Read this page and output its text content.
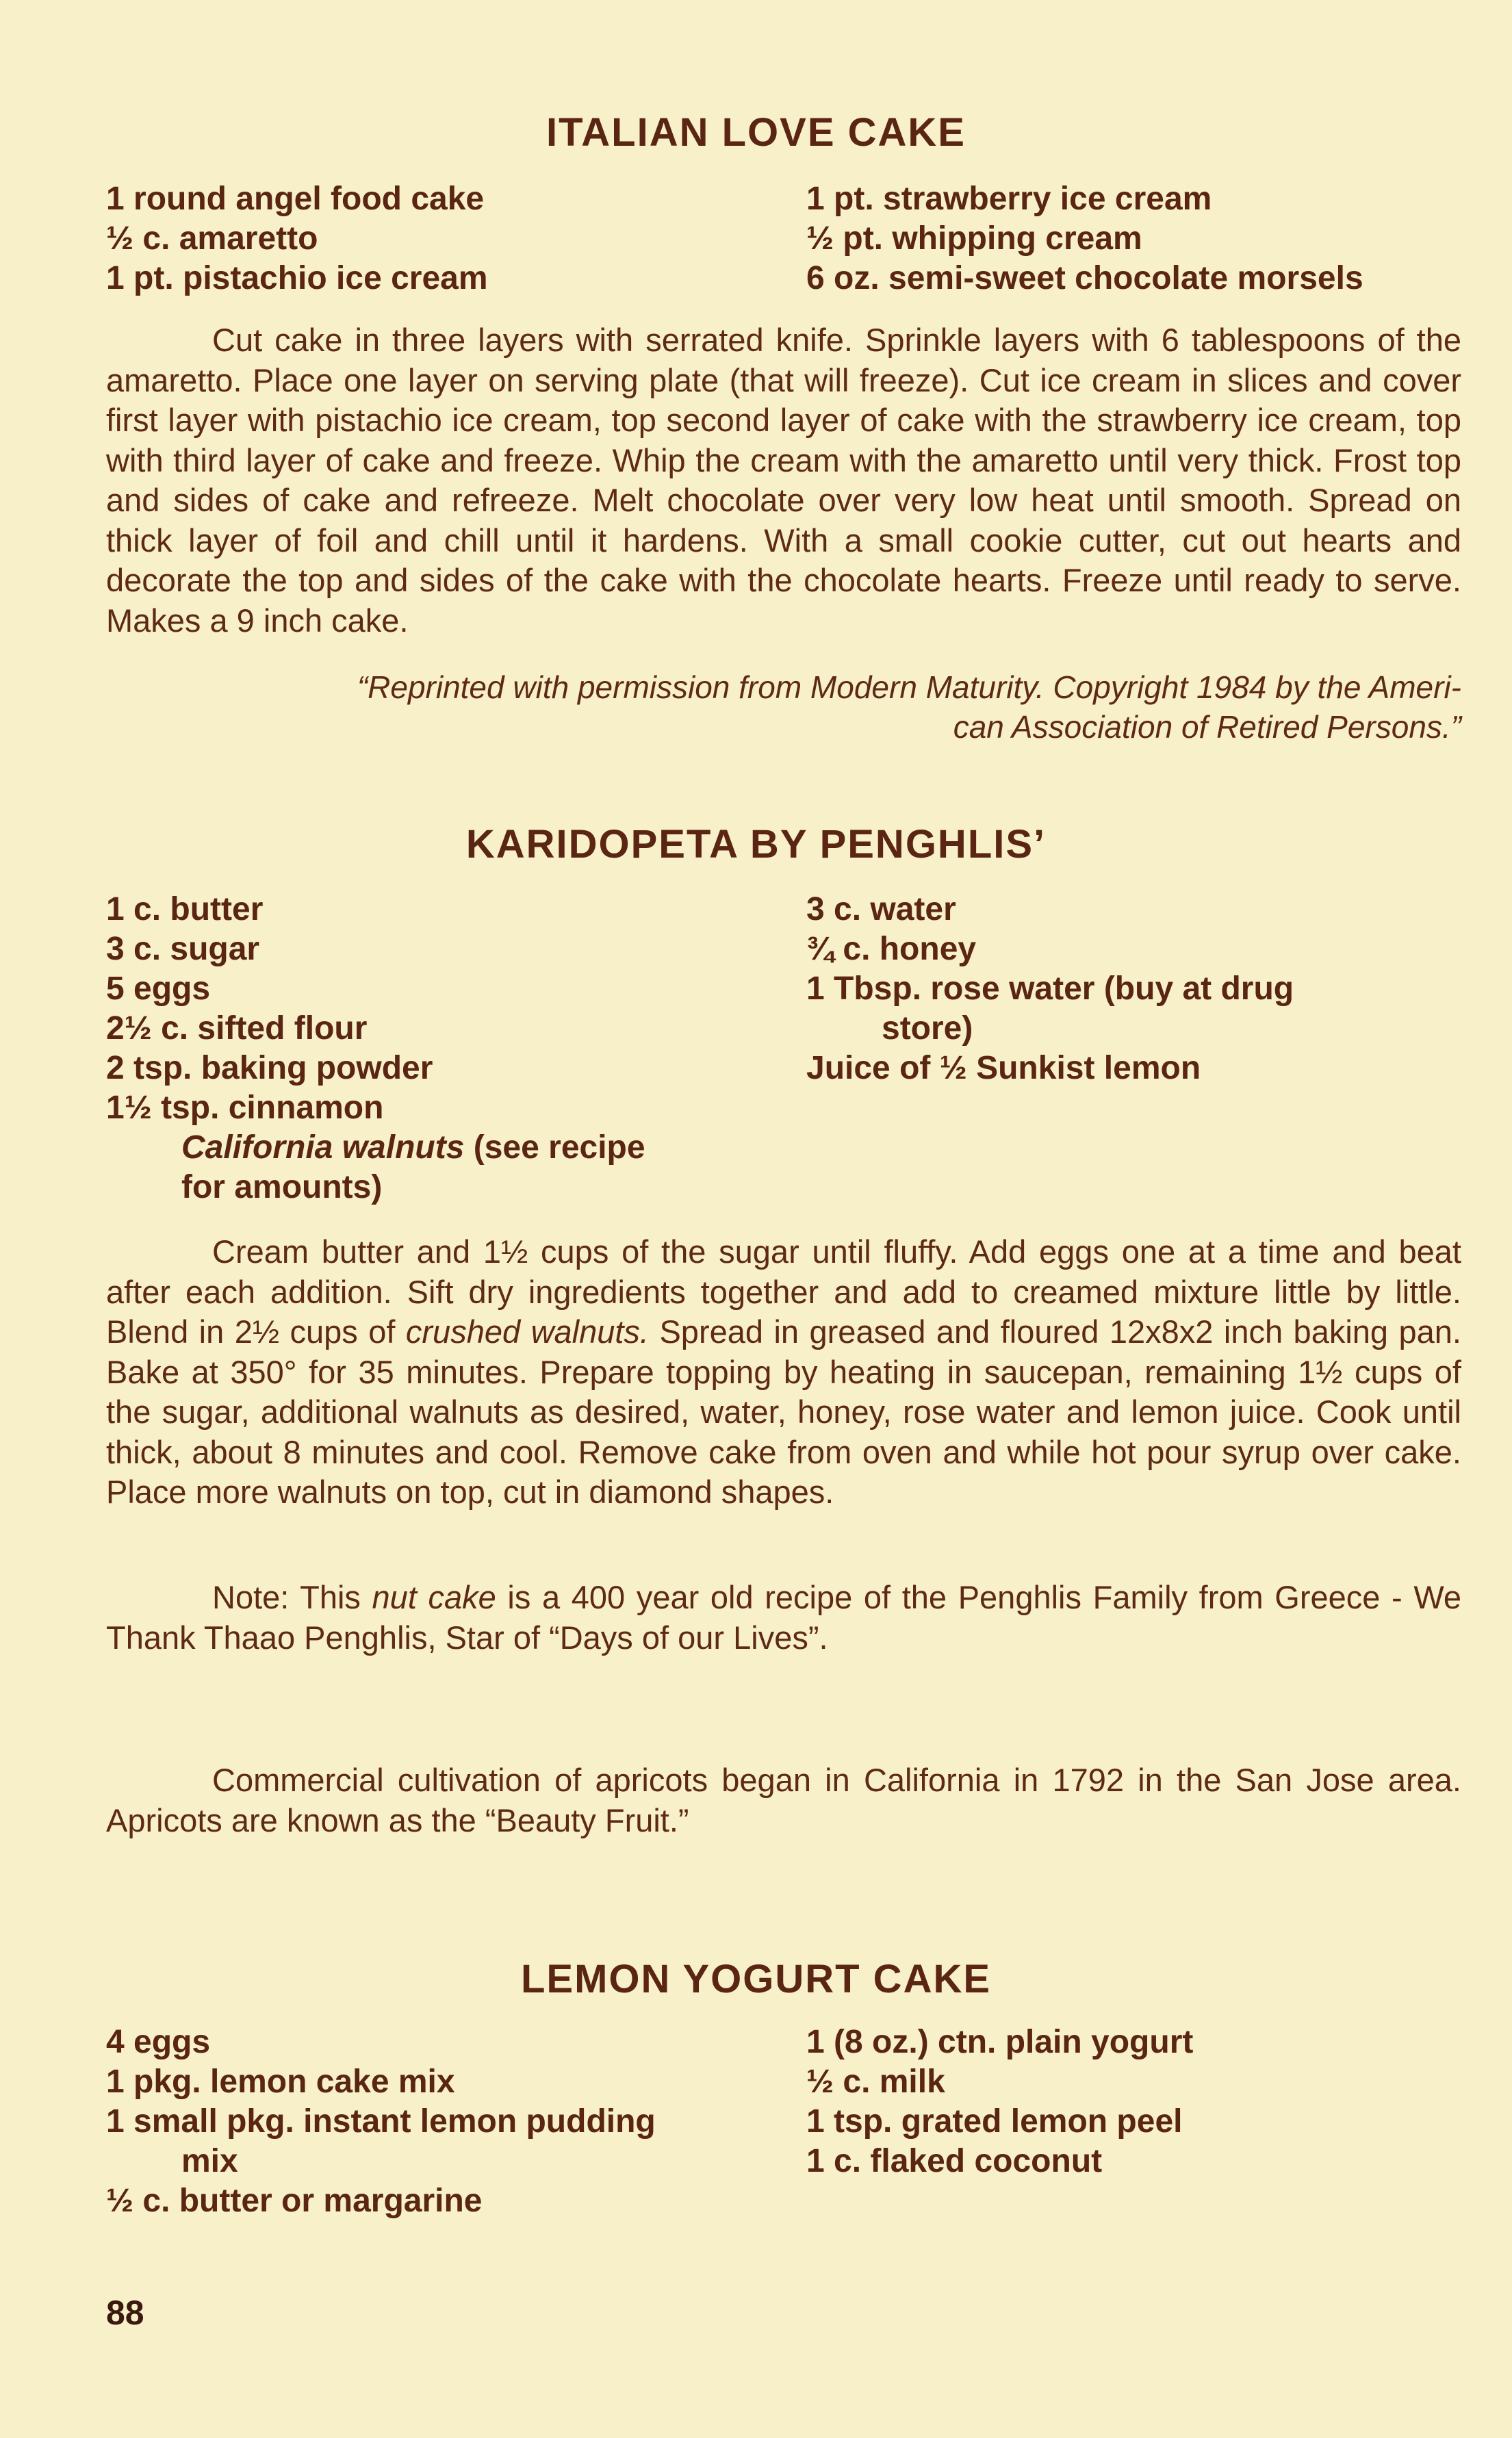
ITALIAN LOVE CAKE
1 round angel food cake
½ c. amaretto
1 pt. pistachio ice cream
1 pt. strawberry ice cream
½ pt. whipping cream
6 oz. semi-sweet chocolate morsels
Cut cake in three layers with serrated knife. Sprinkle layers with 6 tablespoons of the amaretto. Place one layer on serving plate (that will freeze). Cut ice cream in slices and cover first layer with pistachio ice cream, top second layer of cake with the strawberry ice cream, top with third layer of cake and freeze. Whip the cream with the amaretto until very thick. Frost top and sides of cake and refreeze. Melt chocolate over very low heat until smooth. Spread on thick layer of foil and chill until it hardens. With a small cookie cutter, cut out hearts and decorate the top and sides of the cake with the chocolate hearts. Freeze until ready to serve. Makes a 9 inch cake.
“Reprinted with permission from Modern Maturity. Copyright 1984 by the Ameri-
can Association of Retired Persons.”
KARIDOPETA BY PENGHLIS’
1 c. butter
3 c. sugar
5 eggs
2½ c. sifted flour
2 tsp. baking powder
1½ tsp. cinnamon
California walnuts (see recipe
for amounts)
3 c. water
¾ c. honey
1 Tbsp. rose water (buy at drug
store)
Juice of ½ Sunkist lemon
Cream butter and 1½ cups of the sugar until fluffy. Add eggs one at a time and beat after each addition. Sift dry ingredients together and add to creamed mixture little by little. Blend in 2½ cups of crushed walnuts. Spread in greased and floured 12x8x2 inch baking pan. Bake at 350° for 35 minutes. Prepare topping by heating in saucepan, remaining 1½ cups of the sugar, additional walnuts as desired, water, honey, rose water and lemon juice. Cook until thick, about 8 minutes and cool. Remove cake from oven and while hot pour syrup over cake. Place more walnuts on top, cut in diamond shapes.
Note: This nut cake is a 400 year old recipe of the Penghlis Family from Greece - We Thank Thaao Penghlis, Star of “Days of our Lives”.
Commercial cultivation of apricots began in California in 1792 in the San Jose area. Apricots are known as the “Beauty Fruit.”
LEMON YOGURT CAKE
4 eggs
1 pkg. lemon cake mix
1 small pkg. instant lemon pudding
mix
½ c. butter or margarine
1 (8 oz.) ctn. plain yogurt
½ c. milk
1 tsp. grated lemon peel
1 c. flaked coconut
88
